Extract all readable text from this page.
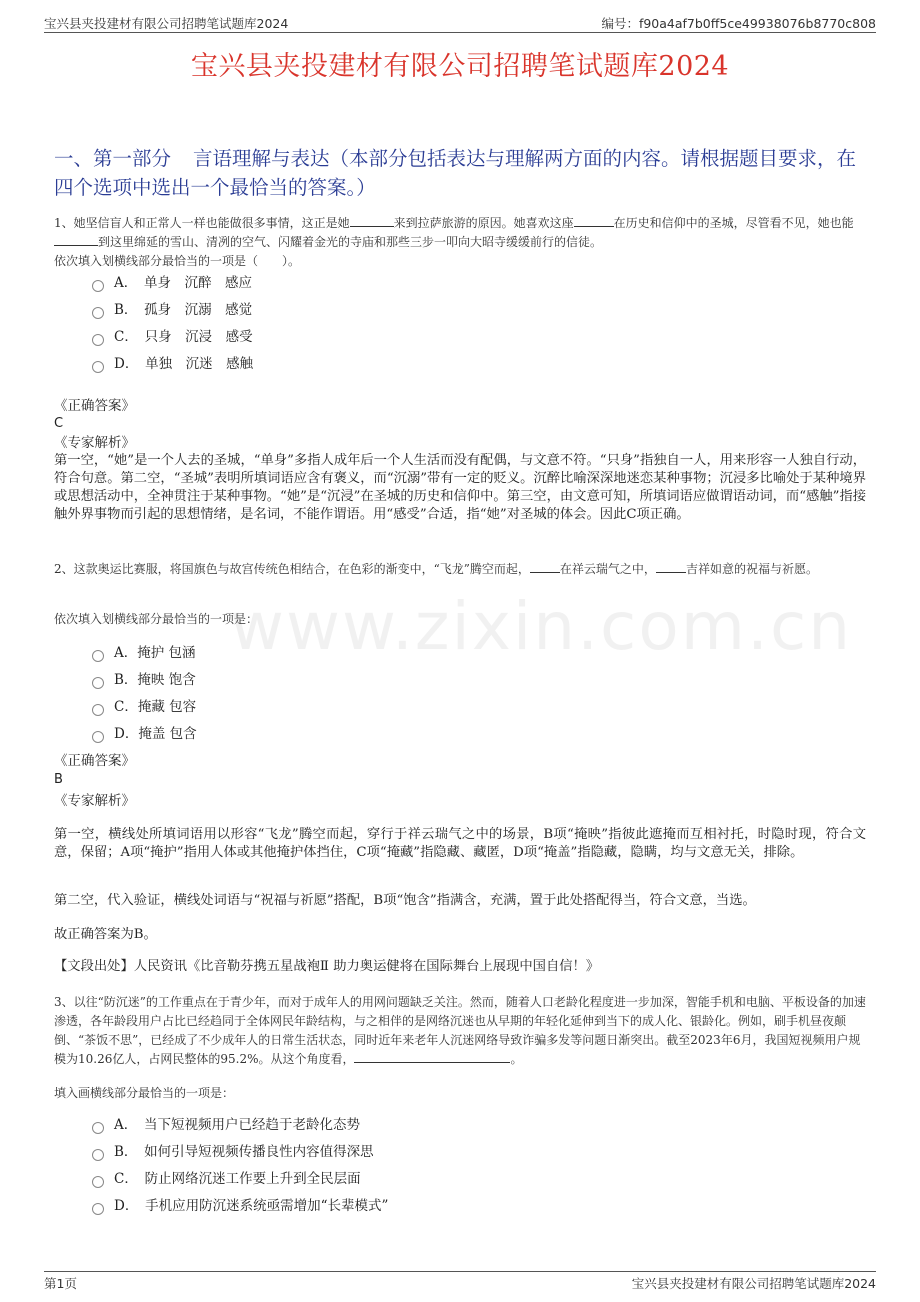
宝兴县夹投建材有限公司招聘笔试题库2024	编号：f90a4af7b0ff5ce49938076b8770c808
宝兴县夹投建材有限公司招聘笔试题库2024
一、第一部分 言语理解与表达（本部分包括表达与理解两方面的内容。请根据题目要求，在四个选项中选出一个最恰当的答案。）
www.zixin.com.cn
1、她坚信盲人和正常人一样也能做很多事情，这正是她	来到拉萨旅游的原因。她喜欢这座	在历史和信仰中的圣城，尽管看不见，她也能到这里绵延的雪山、清冽的空气、闪耀着金光的寺庙和那些三步一叩向大昭寺缓缓前行的信徒。
依次填入划横线部分最恰当的一项是（　　）。
A．　单身　沉醉　感应
B．　孤身　沉溺　感觉
C．　只身　沉浸　感受
D．　单独　沉迷　感触
《正确答案》
C
《专家解析》
第一空，“她”是一个人去的圣城，“单身”多指人成年后一个人生活而没有配偶，与文意不符。“只身”指独自一人，用来形容一人独自行动，符合句意。第二空，“圣城”表明所填词语应含有褒义，而“沉溺”带有一定的贬义。沉醉比喻深深地迷恋某种事物；沉浸多比喻处于某种境界或思想活动中，全神贯注于某种事物。“她”是“沉浸”在圣城的历史和信仰中。第三空，由文意可知，所填词语应做谓语动词，而“感触”指接触外界事物而引起的思想情绪，是名词，不能作谓语。用“感受”合适，指“她”对圣城的体会。因此C项正确。
2、这款奥运比赛服，将国旗色与故宫传统色相结合，在色彩的渐变中，“飞龙”腾空而起，	在祥云瑞气之中，	吉祥如意的祝福与祈愿。
依次填入划横线部分最恰当的一项是：
A．掩护 包涵
B．掩映 饱含
C．掩藏 包容
D．掩盖 包含
《正确答案》
B
《专家解析》
第一空，横线处所填词语用以形容“飞龙”腾空而起，穿行于祥云瑞气之中的场景，B项“掩映”指彼此遮掩而互相衬托，时隐时现，符合文意，保留；A项“掩护”指用人体或其他掩护体挡住，C项“掩藏”指隐藏、藏匿，D项“掩盖”指隐藏，隐瞒，均与文意无关，排除。
第二空，代入验证，横线处词语与“祝福与祈愿”搭配，B项“饱含”指满含，充满，置于此处搭配得当，符合文意，当选。
故正确答案为B。
【文段出处】人民资讯《比音勒芬携五星战袍Ⅱ 助力奥运健将在国际舞台上展现中国自信！》
3、以往“防沉迷”的工作重点在于青少年，而对于成年人的用网问题缺乏关注。然而，随着人口老龄化程度进一步加深，智能手机和电脑、平板设备的加速渗透，各年龄段用户占比已经趋同于全体网民年龄结构，与之相伴的是网络沉迷也从早期的年轻化延伸到当下的成人化、银龄化。例如，刷手机昼夜颠倒、“茶饭不思”，已经成了不少成年人的日常生活状态，同时近年来老年人沉迷网络导致诈骗多发等问题日渐突出。截至2023年6月，我国短视频用户规模为10.26亿人，占网民整体的95.2%。从这个角度看，	。
填入画横线部分最恰当的一项是：
A．　当下短视频用户已经趋于老龄化态势
B．　如何引导短视频传播良性内容值得深思
C．　防止网络沉迷工作要上升到全民层面
D．　手机应用防沉迷系统亟需增加“长辈模式”
第1页	宝兴县夹投建材有限公司招聘笔试题库2024
